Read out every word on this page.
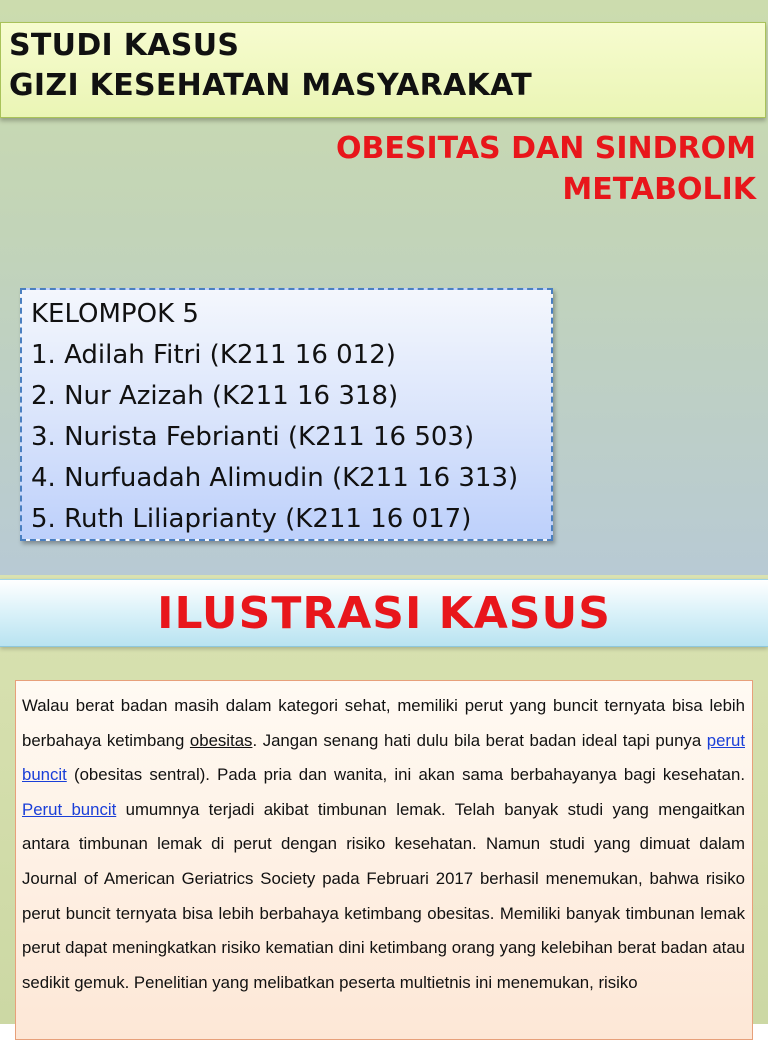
STUDI KASUS
GIZI KESEHATAN MASYARAKAT
OBESITAS DAN SINDROM
METABOLIK
KELOMPOK 5
1. Adilah Fitri (K211 16 012)
2. Nur Azizah (K211 16 318)
3. Nurista Febrianti (K211 16 503)
4. Nurfuadah Alimudin (K211 16 313)
5. Ruth Liliaprianty (K211 16 017)
ILUSTRASI KASUS

Walau berat badan masih dalam kategori sehat, memiliki perut yang buncit ternyata bisa lebih berbahaya ketimbang obesitas. Jangan senang hati dulu bila berat badan ideal tapi punya perut buncit (obesitas sentral). Pada pria dan wanita, ini akan sama berbahayanya bagi kesehatan. Perut buncit umumnya terjadi akibat timbunan lemak. Telah banyak studi yang mengaitkan antara timbunan lemak di perut dengan risiko kesehatan. Namun studi yang dimuat dalam Journal of American Geriatrics Society pada Februari 2017 berhasil menemukan, bahwa risiko perut buncit ternyata bisa lebih berbahaya ketimbang obesitas. Memiliki banyak timbunan lemak perut dapat meningkatkan risiko kematian dini ketimbang orang yang kelebihan berat badan atau sedikit gemuk. Penelitian yang melibatkan peserta multietnis ini menemukan, risiko
